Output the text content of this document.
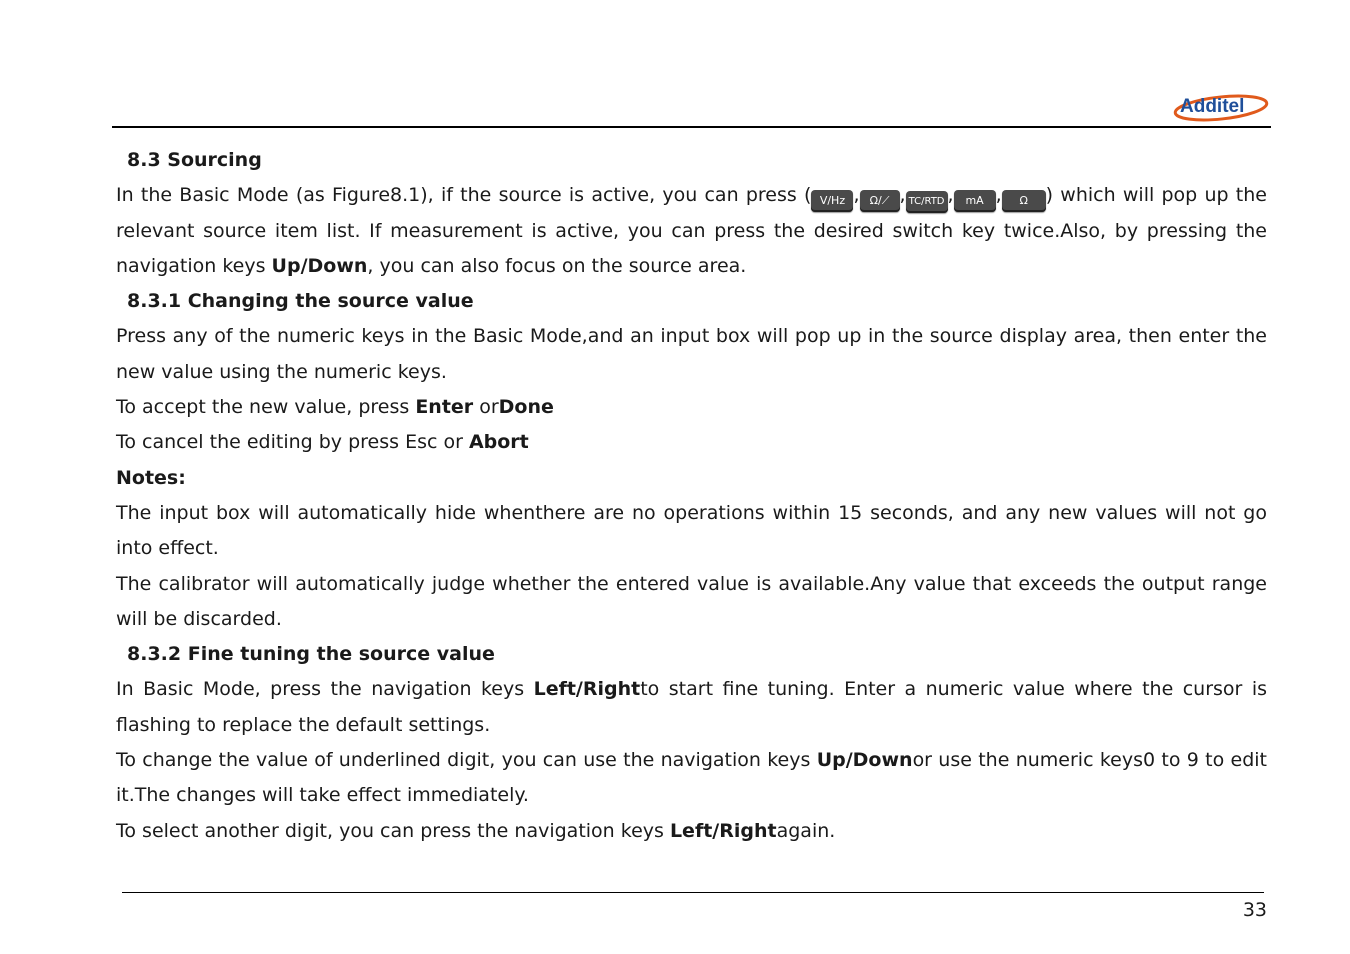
Additel

8.3 Sourcing

In the Basic Mode (as Figure8.1), if the source is active, you can press ( V/Hz , Ω/⟋ , TC/RTD , mA , Ω ) which will pop up the relevant source item list. If measurement is active, you can press the desired switch key twice.Also, by pressing the navigation keys Up/Down, you can also focus on the source area.

8.3.1 Changing the source value

Press any of the numeric keys in the Basic Mode,and an input box will pop up in the source display area, then enter the new value using the numeric keys.

To accept the new value, press Enter orDone

To cancel the editing by press Esc or Abort

Notes:

The input box will automatically hide whenthere are no operations within 15 seconds, and any new values will not go into effect.

The calibrator will automatically judge whether the entered value is available.Any value that exceeds the output range will be discarded.

8.3.2 Fine tuning the source value

In Basic Mode, press the navigation keys Left/Rightto start fine tuning. Enter a numeric value where the cursor is flashing to replace the default settings.

To change the value of underlined digit, you can use the navigation keys Up/Downor use the numeric keys0 to 9 to edit it.The changes will take effect immediately.

To select another digit, you can press the navigation keys Left/Rightagain.

33
